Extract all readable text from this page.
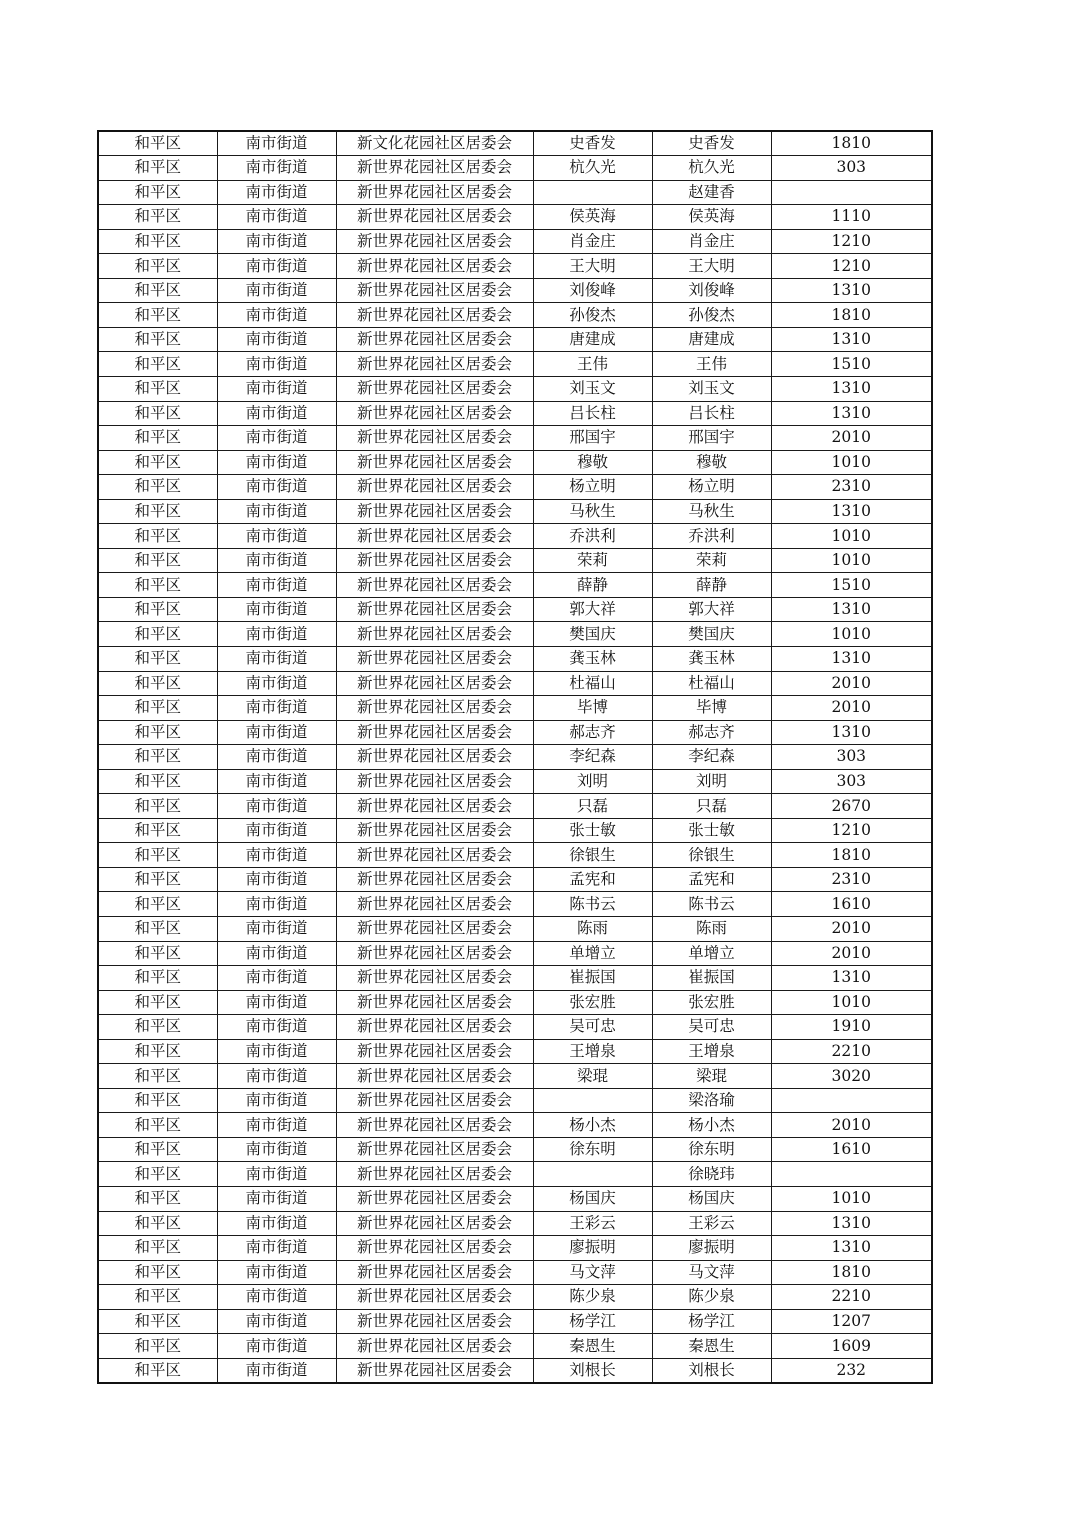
和平区	南市街道	新文化花园社区居委会	史香发	史香发	1810
和平区	南市街道	新世界花园社区居委会	杭久光	杭久光	303
和平区	南市街道	新世界花园社区居委会		赵建香	
和平区	南市街道	新世界花园社区居委会	侯英海	侯英海	1110
和平区	南市街道	新世界花园社区居委会	肖金庄	肖金庄	1210
和平区	南市街道	新世界花园社区居委会	王大明	王大明	1210
和平区	南市街道	新世界花园社区居委会	刘俊峰	刘俊峰	1310
和平区	南市街道	新世界花园社区居委会	孙俊杰	孙俊杰	1810
和平区	南市街道	新世界花园社区居委会	唐建成	唐建成	1310
和平区	南市街道	新世界花园社区居委会	王伟	王伟	1510
和平区	南市街道	新世界花园社区居委会	刘玉文	刘玉文	1310
和平区	南市街道	新世界花园社区居委会	吕长柱	吕长柱	1310
和平区	南市街道	新世界花园社区居委会	邢国宇	邢国宇	2010
和平区	南市街道	新世界花园社区居委会	穆敬	穆敬	1010
和平区	南市街道	新世界花园社区居委会	杨立明	杨立明	2310
和平区	南市街道	新世界花园社区居委会	马秋生	马秋生	1310
和平区	南市街道	新世界花园社区居委会	乔洪利	乔洪利	1010
和平区	南市街道	新世界花园社区居委会	荣莉	荣莉	1010
和平区	南市街道	新世界花园社区居委会	薛静	薛静	1510
和平区	南市街道	新世界花园社区居委会	郭大祥	郭大祥	1310
和平区	南市街道	新世界花园社区居委会	樊国庆	樊国庆	1010
和平区	南市街道	新世界花园社区居委会	龚玉林	龚玉林	1310
和平区	南市街道	新世界花园社区居委会	杜福山	杜福山	2010
和平区	南市街道	新世界花园社区居委会	毕博	毕博	2010
和平区	南市街道	新世界花园社区居委会	郝志齐	郝志齐	1310
和平区	南市街道	新世界花园社区居委会	李纪森	李纪森	303
和平区	南市街道	新世界花园社区居委会	刘明	刘明	303
和平区	南市街道	新世界花园社区居委会	只磊	只磊	2670
和平区	南市街道	新世界花园社区居委会	张士敏	张士敏	1210
和平区	南市街道	新世界花园社区居委会	徐银生	徐银生	1810
和平区	南市街道	新世界花园社区居委会	孟宪和	孟宪和	2310
和平区	南市街道	新世界花园社区居委会	陈书云	陈书云	1610
和平区	南市街道	新世界花园社区居委会	陈雨	陈雨	2010
和平区	南市街道	新世界花园社区居委会	单增立	单增立	2010
和平区	南市街道	新世界花园社区居委会	崔振国	崔振国	1310
和平区	南市街道	新世界花园社区居委会	张宏胜	张宏胜	1010
和平区	南市街道	新世界花园社区居委会	吴可忠	吴可忠	1910
和平区	南市街道	新世界花园社区居委会	王增泉	王增泉	2210
和平区	南市街道	新世界花园社区居委会	梁琨	梁琨	3020
和平区	南市街道	新世界花园社区居委会		梁洛瑜	
和平区	南市街道	新世界花园社区居委会	杨小杰	杨小杰	2010
和平区	南市街道	新世界花园社区居委会	徐东明	徐东明	1610
和平区	南市街道	新世界花园社区居委会		徐晓玮	
和平区	南市街道	新世界花园社区居委会	杨国庆	杨国庆	1010
和平区	南市街道	新世界花园社区居委会	王彩云	王彩云	1310
和平区	南市街道	新世界花园社区居委会	廖振明	廖振明	1310
和平区	南市街道	新世界花园社区居委会	马文萍	马文萍	1810
和平区	南市街道	新世界花园社区居委会	陈少泉	陈少泉	2210
和平区	南市街道	新世界花园社区居委会	杨学江	杨学江	1207
和平区	南市街道	新世界花园社区居委会	秦恩生	秦恩生	1609
和平区	南市街道	新世界花园社区居委会	刘根长	刘根长	232
